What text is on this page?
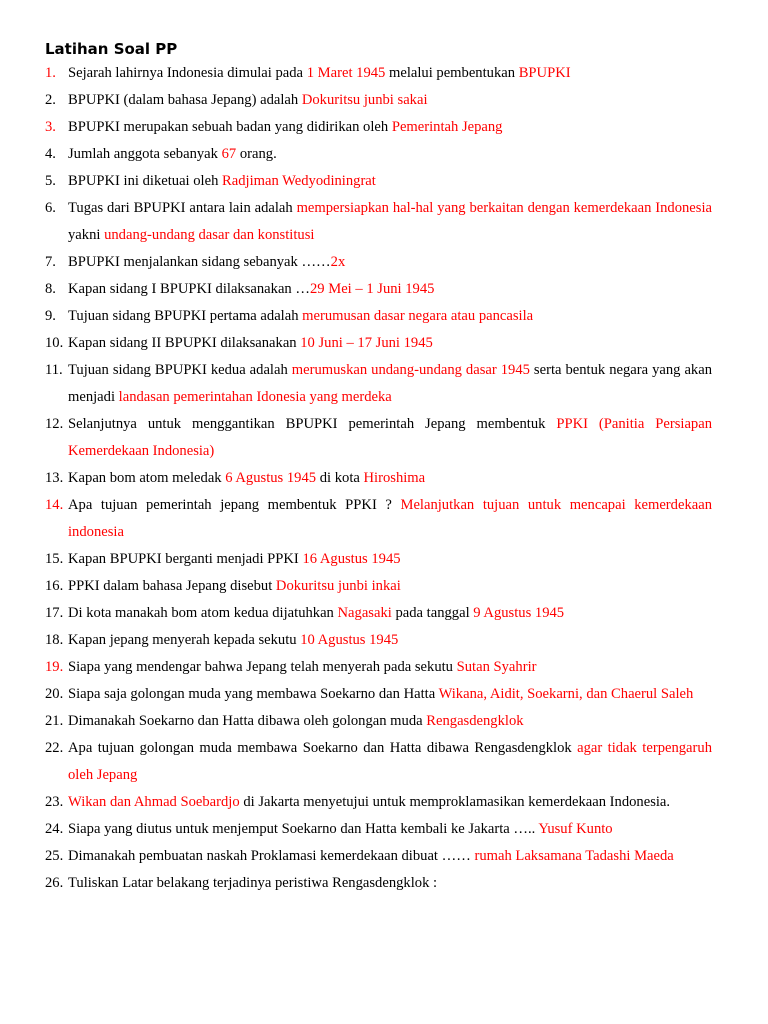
Latihan Soal PP
1. Sejarah lahirnya Indonesia dimulai pada 1 Maret 1945 melalui pembentukan BPUPKI
2. BPUPKI (dalam bahasa Jepang) adalah Dokuritsu junbi sakai
3. BPUPKI merupakan sebuah badan yang didirikan oleh Pemerintah Jepang
4. Jumlah anggota sebanyak 67 orang.
5. BPUPKI ini diketuai oleh Radjiman Wedyodiningrat
6. Tugas dari BPUPKI antara lain adalah mempersiapkan hal-hal yang berkaitan dengan kemerdekaan Indonesia yakni undang-undang dasar dan konstitusi
7. BPUPKI menjalankan sidang sebanyak ……2x
8. Kapan sidang I BPUPKI dilaksanakan …29 Mei – 1 Juni 1945
9. Tujuan sidang BPUPKI pertama adalah merumusan dasar negara atau pancasila
10. Kapan sidang II BPUPKI dilaksanakan 10 Juni – 17 Juni 1945
11. Tujuan sidang BPUPKI kedua adalah merumuskan undang-undang dasar 1945 serta bentuk negara yang akan menjadi landasan pemerintahan Idonesia yang merdeka
12. Selanjutnya untuk menggantikan BPUPKI pemerintah Jepang membentuk PPKI (Panitia Persiapan Kemerdekaan Indonesia)
13. Kapan bom atom meledak 6 Agustus 1945 di kota Hiroshima
14. Apa tujuan pemerintah jepang membentuk PPKI ? Melanjutkan tujuan untuk mencapai kemerdekaan indonesia
15. Kapan BPUPKI berganti menjadi PPKI 16 Agustus 1945
16. PPKI dalam bahasa Jepang disebut Dokuritsu junbi inkai
17. Di kota manakah bom atom kedua dijatuhkan Nagasaki pada tanggal 9 Agustus 1945
18. Kapan jepang menyerah kepada sekutu 10 Agustus 1945
19. Siapa yang mendengar bahwa Jepang telah menyerah pada sekutu Sutan Syahrir
20. Siapa saja golongan muda yang membawa Soekarno dan Hatta Wikana, Aidit, Soekarni, dan Chaerul Saleh
21. Dimanakah Soekarno dan Hatta dibawa oleh golongan muda Rengasdengklok
22. Apa tujuan golongan muda membawa Soekarno dan Hatta dibawa Rengasdengklok agar tidak terpengaruh oleh Jepang
23. Wikan dan Ahmad Soebardjo di Jakarta menyetujui untuk memproklamasikan kemerdekaan Indonesia.
24. Siapa yang diutus untuk menjemput Soekarno dan Hatta kembali ke Jakarta ….. Yusuf Kunto
25. Dimanakah pembuatan naskah Proklamasi kemerdekaan dibuat …… rumah Laksamana Tadashi Maeda
26. Tuliskan Latar belakang terjadinya peristiwa Rengasdengklok :
